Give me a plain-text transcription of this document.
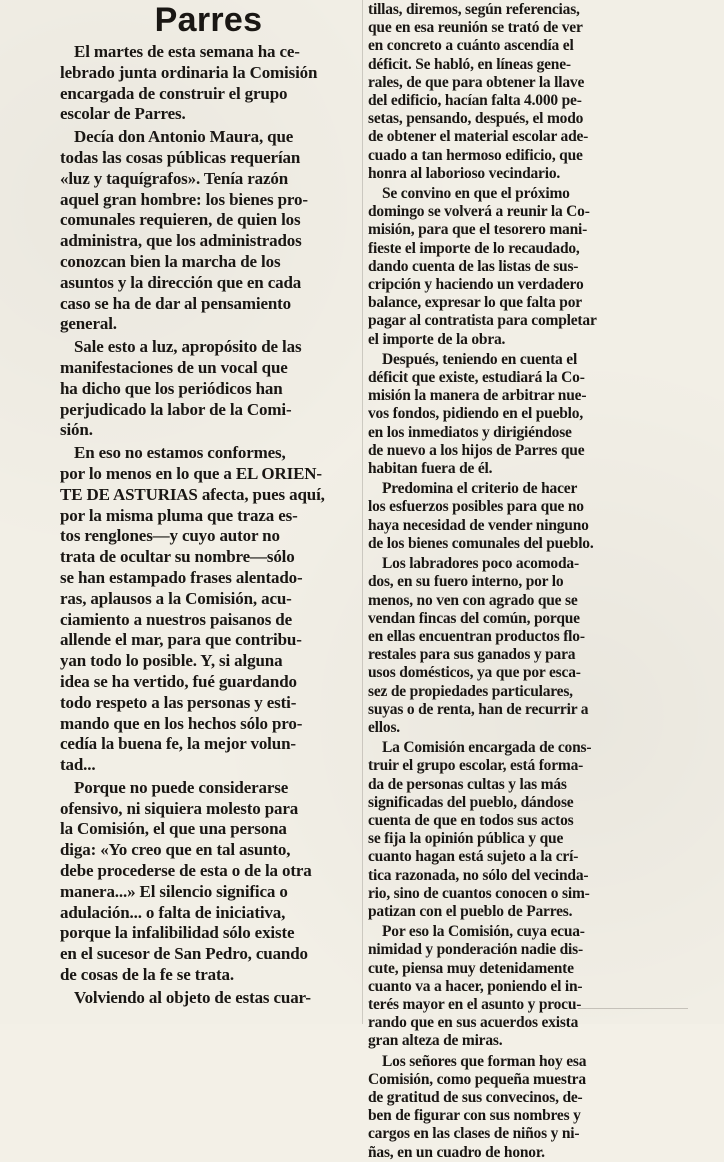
Parres
El martes de esta semana ha ce-
lebrado junta ordinaria la Comisión
encargada de construir el grupo
escolar de Parres.
Decía don Antonio Maura, que
todas las cosas públicas requerían
«luz y taquígrafos». Tenía razón
aquel gran hombre: los bienes pro-
comunales requieren, de quien los
administra, que los administrados
conozcan bien la marcha de los
asuntos y la dirección que en cada
caso se ha de dar al pensamiento
general.
Sale esto a luz, apropósito de las
manifestaciones de un vocal que
ha dicho que los periódicos han
perjudicado la labor de la Comi-
sión.
En eso no estamos conformes,
por lo menos en lo que a EL ORIEN-
TE DE ASTURIAS afecta, pues aquí,
por la misma pluma que traza es-
tos renglones—y cuyo autor no
trata de ocultar su nombre—sólo
se han estampado frases alentado-
ras, aplausos a la Comisión, acu-
ciamiento a nuestros paisanos de
allende el mar, para que contribu-
yan todo lo posible. Y, si alguna
idea se ha vertido, fué guardando
todo respeto a las personas y esti-
mando que en los hechos sólo pro-
cedía la buena fe, la mejor volun-
tad...
Porque no puede considerarse
ofensivo, ni siquiera molesto para
la Comisión, el que una persona
diga: «Yo creo que en tal asunto,
debe procederse de esta o de la otra
manera...» El silencio significa o
adulación... o falta de iniciativa,
porque la infalibilidad sólo existe
en el sucesor de San Pedro, cuando
de cosas de la fe se trata.
Volviendo al objeto de estas cuar-
tillas, diremos, según referencias,
que en esa reunión se trató de ver
en concreto a cuánto ascendía el
déficit. Se habló, en líneas gene-
rales, de que para obtener la llave
del edificio, hacían falta 4.000 pe-
setas, pensando, después, el modo
de obtener el material escolar ade-
cuado a tan hermoso edificio, que
honra al laborioso vecindario.
Se convino en que el próximo
domingo se volverá a reunir la Co-
misión, para que el tesorero mani-
fieste el importe de lo recaudado,
dando cuenta de las listas de sus-
cripción y haciendo un verdadero
balance, expresar lo que falta por
pagar al contratista para completar
el importe de la obra.
Después, teniendo en cuenta el
déficit que existe, estudiará la Co-
misión la manera de arbitrar nue-
vos fondos, pidiendo en el pueblo,
en los inmediatos y dirigiéndose
de nuevo a los hijos de Parres que
habitan fuera de él.
Predomina el criterio de hacer
los esfuerzos posibles para que no
haya necesidad de vender ninguno
de los bienes comunales del pueblo.
Los labradores poco acomoda-
dos, en su fuero interno, por lo
menos, no ven con agrado que se
vendan fincas del común, porque
en ellas encuentran productos flo-
restales para sus ganados y para
usos domésticos, ya que por esca-
sez de propiedades particulares,
suyas o de renta, han de recurrir a
ellos.
La Comisión encargada de cons-
truir el grupo escolar, está forma-
da de personas cultas y las más
significadas del pueblo, dándose
cuenta de que en todos sus actos
se fija la opinión pública y que
cuanto hagan está sujeto a la crí-
tica razonada, no sólo del vecinda-
rio, sino de cuantos conocen o sim-
patizan con el pueblo de Parres.
Por eso la Comisión, cuya ecua-
nimidad y ponderación nadie dis-
cute, piensa muy detenidamente
cuanto va a hacer, poniendo el in-
terés mayor en el asunto y procu-
rando que en sus acuerdos exista
gran alteza de miras.
Los señores que forman hoy esa
Comisión, como pequeña muestra
de gratitud de sus convecinos, de-
ben de figurar con sus nombres y
cargos en las clases de niños y ni-
ñas, en un cuadro de honor.
